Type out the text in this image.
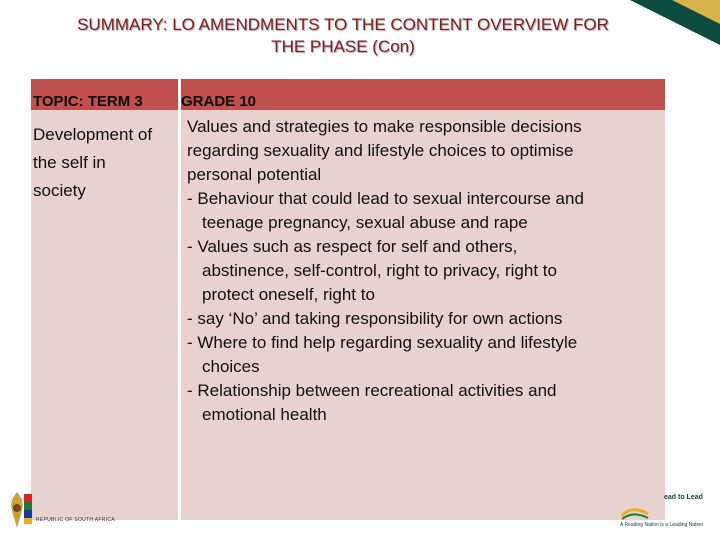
SUMMARY: LO AMENDMENTS TO THE CONTENT OVERVIEW FOR
THE PHASE (Con)
TOPIC: TERM 3	GRADE 10
Development of
the self in
society
Values and strategies to make responsible decisions
regarding sexuality and lifestyle choices to optimise
personal potential
- Behaviour that could lead to sexual intercourse and
teenage pregnancy, sexual abuse and rape
- Values such as respect for self and others,
abstinence, self-control, right to privacy, right to
protect oneself, right to
- say ‘No’ and taking responsibility for own actions
- Where to find help regarding sexuality and lifestyle
choices
- Relationship between recreational activities and
emotional health
REPUBLIC OF SOUTH AFRICA
ead to Lead
A Reading Nation is a Leading Nation
